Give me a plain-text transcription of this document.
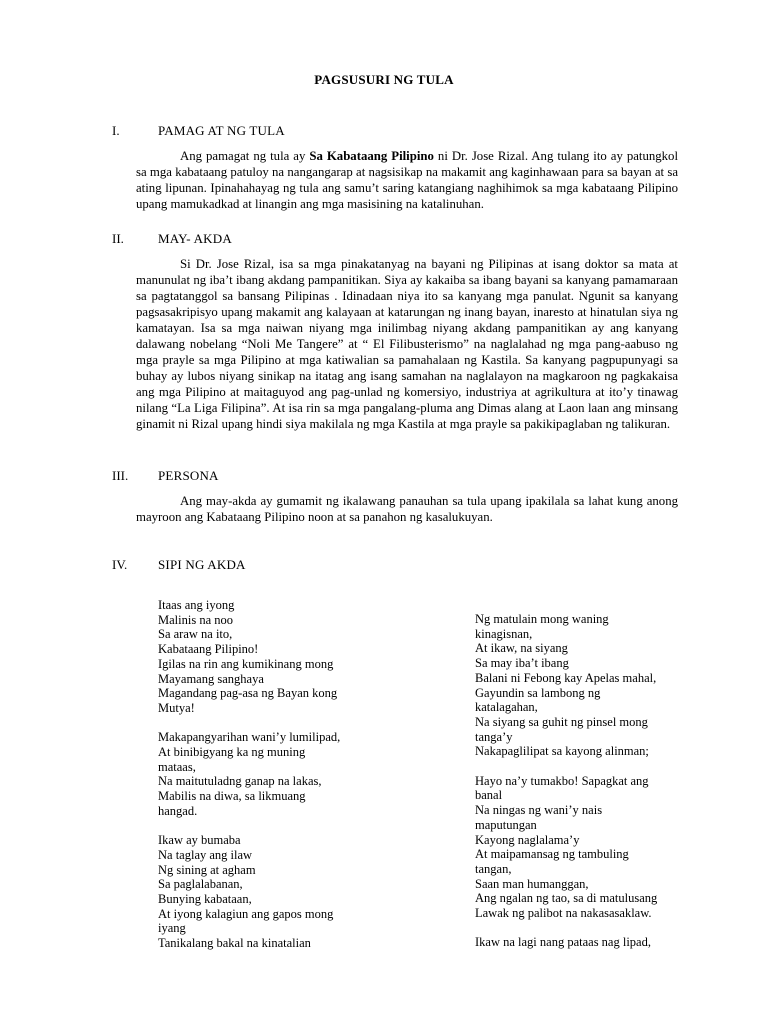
PAGSUSURI NG TULA
I.	PAMAG AT NG TULA

Ang pamagat ng tula ay Sa Kabataang Pilipino ni Dr. Jose Rizal. Ang tulang ito ay patungkol sa mga kabataang patuloy na nangangarap at nagsisikap na makamit ang kaginhawaan para sa bayan at sa ating lipunan. Ipinahahayag ng tula ang samu’t saring katangiang naghihimok sa mga kabataang Pilipino upang mamukadkad at linangin ang mga masisining na katalinuhan.

II.	MAY- AKDA

Si Dr. Jose Rizal, isa sa mga pinakatanyag na bayani ng Pilipinas at isang doktor sa mata at manunulat ng iba’t ibang akdang pampanitikan. Siya ay kakaiba sa ibang bayani sa kanyang pamamaraan sa pagtatanggol sa bansang Pilipinas . Idinadaan niya ito sa kanyang mga panulat. Ngunit sa kanyang pagsasakripisyo upang makamit ang kalayaan at katarungan ng inang bayan, inaresto at hinatulan siya ng kamatayan. Isa sa mga naiwan niyang mga inilimbag niyang akdang pampanitikan ay ang kanyang dalawang nobelang “Noli Me Tangere” at “ El Filibusterismo” na naglalahad ng mga pang-aabuso ng mga prayle sa mga Pilipino at mga katiwalian sa pamahalaan ng Kastila. Sa kanyang pagpupunyagi sa buhay ay lubos niyang sinikap na itatag ang isang samahan na naglalayon na magkaroon ng pagkakaisa ang mga Pilipino at maitaguyod ang pag-unlad ng komersiyo, industriya at agrikultura at ito’y tinawag nilang “La Liga Filipina”. At isa rin sa mga pangalang-pluma ang Dimas alang at Laon laan ang minsang ginamit ni Rizal upang hindi siya makilala ng mga Kastila at mga prayle sa pakikipaglaban ng talikuran.

III. PERSONA

Ang may-akda ay gumamit ng ikalawang panauhan sa tula upang ipakilala sa lahat kung anong mayroon ang Kabataang Pilipino noon at sa panahon ng kasalukuyan.

IV. SIPI NG AKDA
Itaas ang iyong
Malinis na noo
Sa araw na ito,
Kabataang Pilipino!
Igilas na rin ang kumikinang mong
Mayamang sanghaya
Magandang pag-asa ng Bayan kong
Mutya!
Makapangyarihan wani’y lumilipad,
At binibigyang ka ng muning
mataas,
Na maitutuladng ganap na lakas,
Mabilis na diwa, sa likmuang
hangad.
Ikaw ay bumaba
Na taglay ang ilaw
Ng sining at agham
Sa paglalabanan,
Bunying kabataan,
At iyong kalagiun ang gapos mong
iyang
Tanikalang bakal na kinatalian
Ng matulain mong waning
kinagisnan,
At ikaw, na siyang
Sa may iba’t ibang
Balani ni Febong kay Apelas mahal,
Gayundin sa lambong ng
katalagahan,
Na siyang sa guhit ng pinsel mong
tanga’y
Nakapaglilipat sa kayong alinman;
Hayo na’y tumakbo! Sapagkat ang
banal
Na ningas ng wani’y nais
maputungan
Kayong naglalama’y
At maipamansag ng tambuling
tangan,
Saan man humanggan,
Ang ngalan ng tao, sa di matulusang
Lawak ng palibot na nakasasaklaw.
Ikaw na lagi nang pataas nag lipad,
